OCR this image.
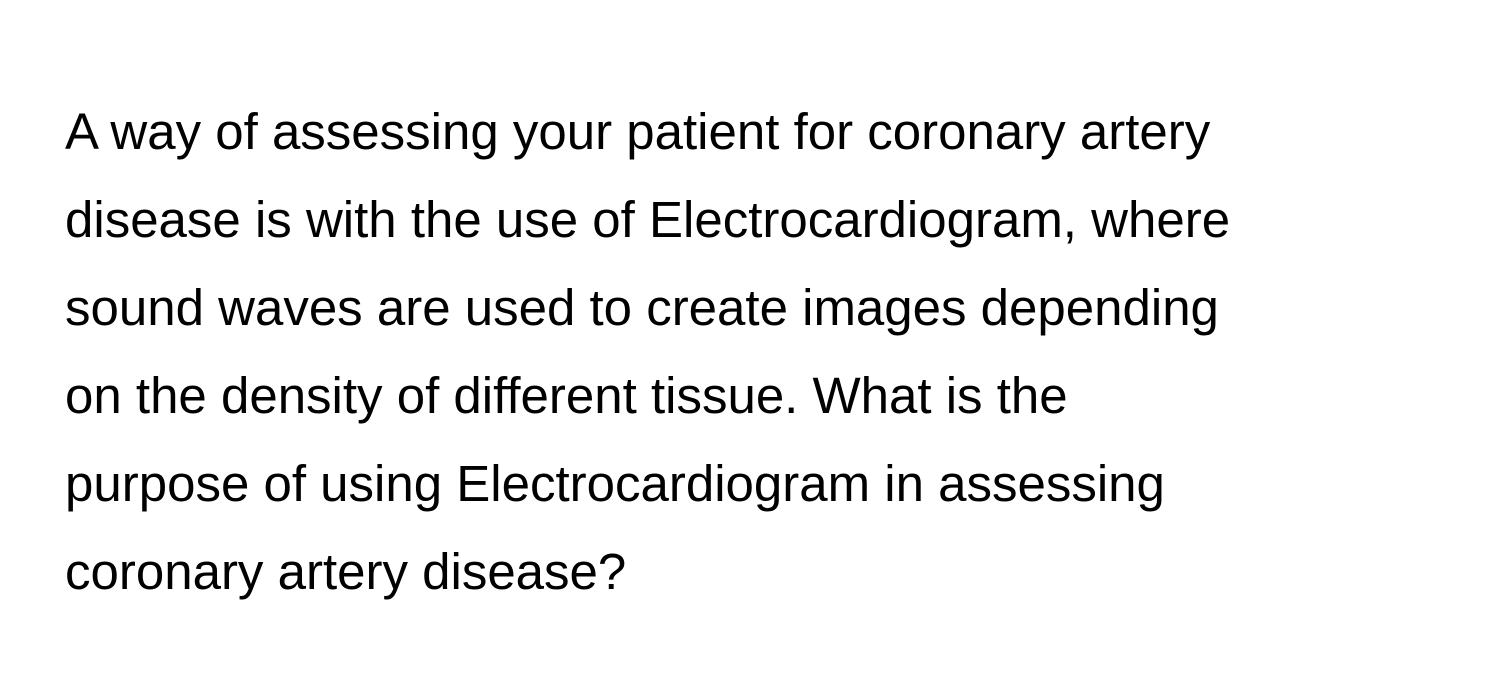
A way of assessing your patient for coronary artery
disease is with the use of Electrocardiogram, where
sound waves are used to create images depending
on the density of different tissue. What is the
purpose of using Electrocardiogram in assessing
coronary artery disease?
